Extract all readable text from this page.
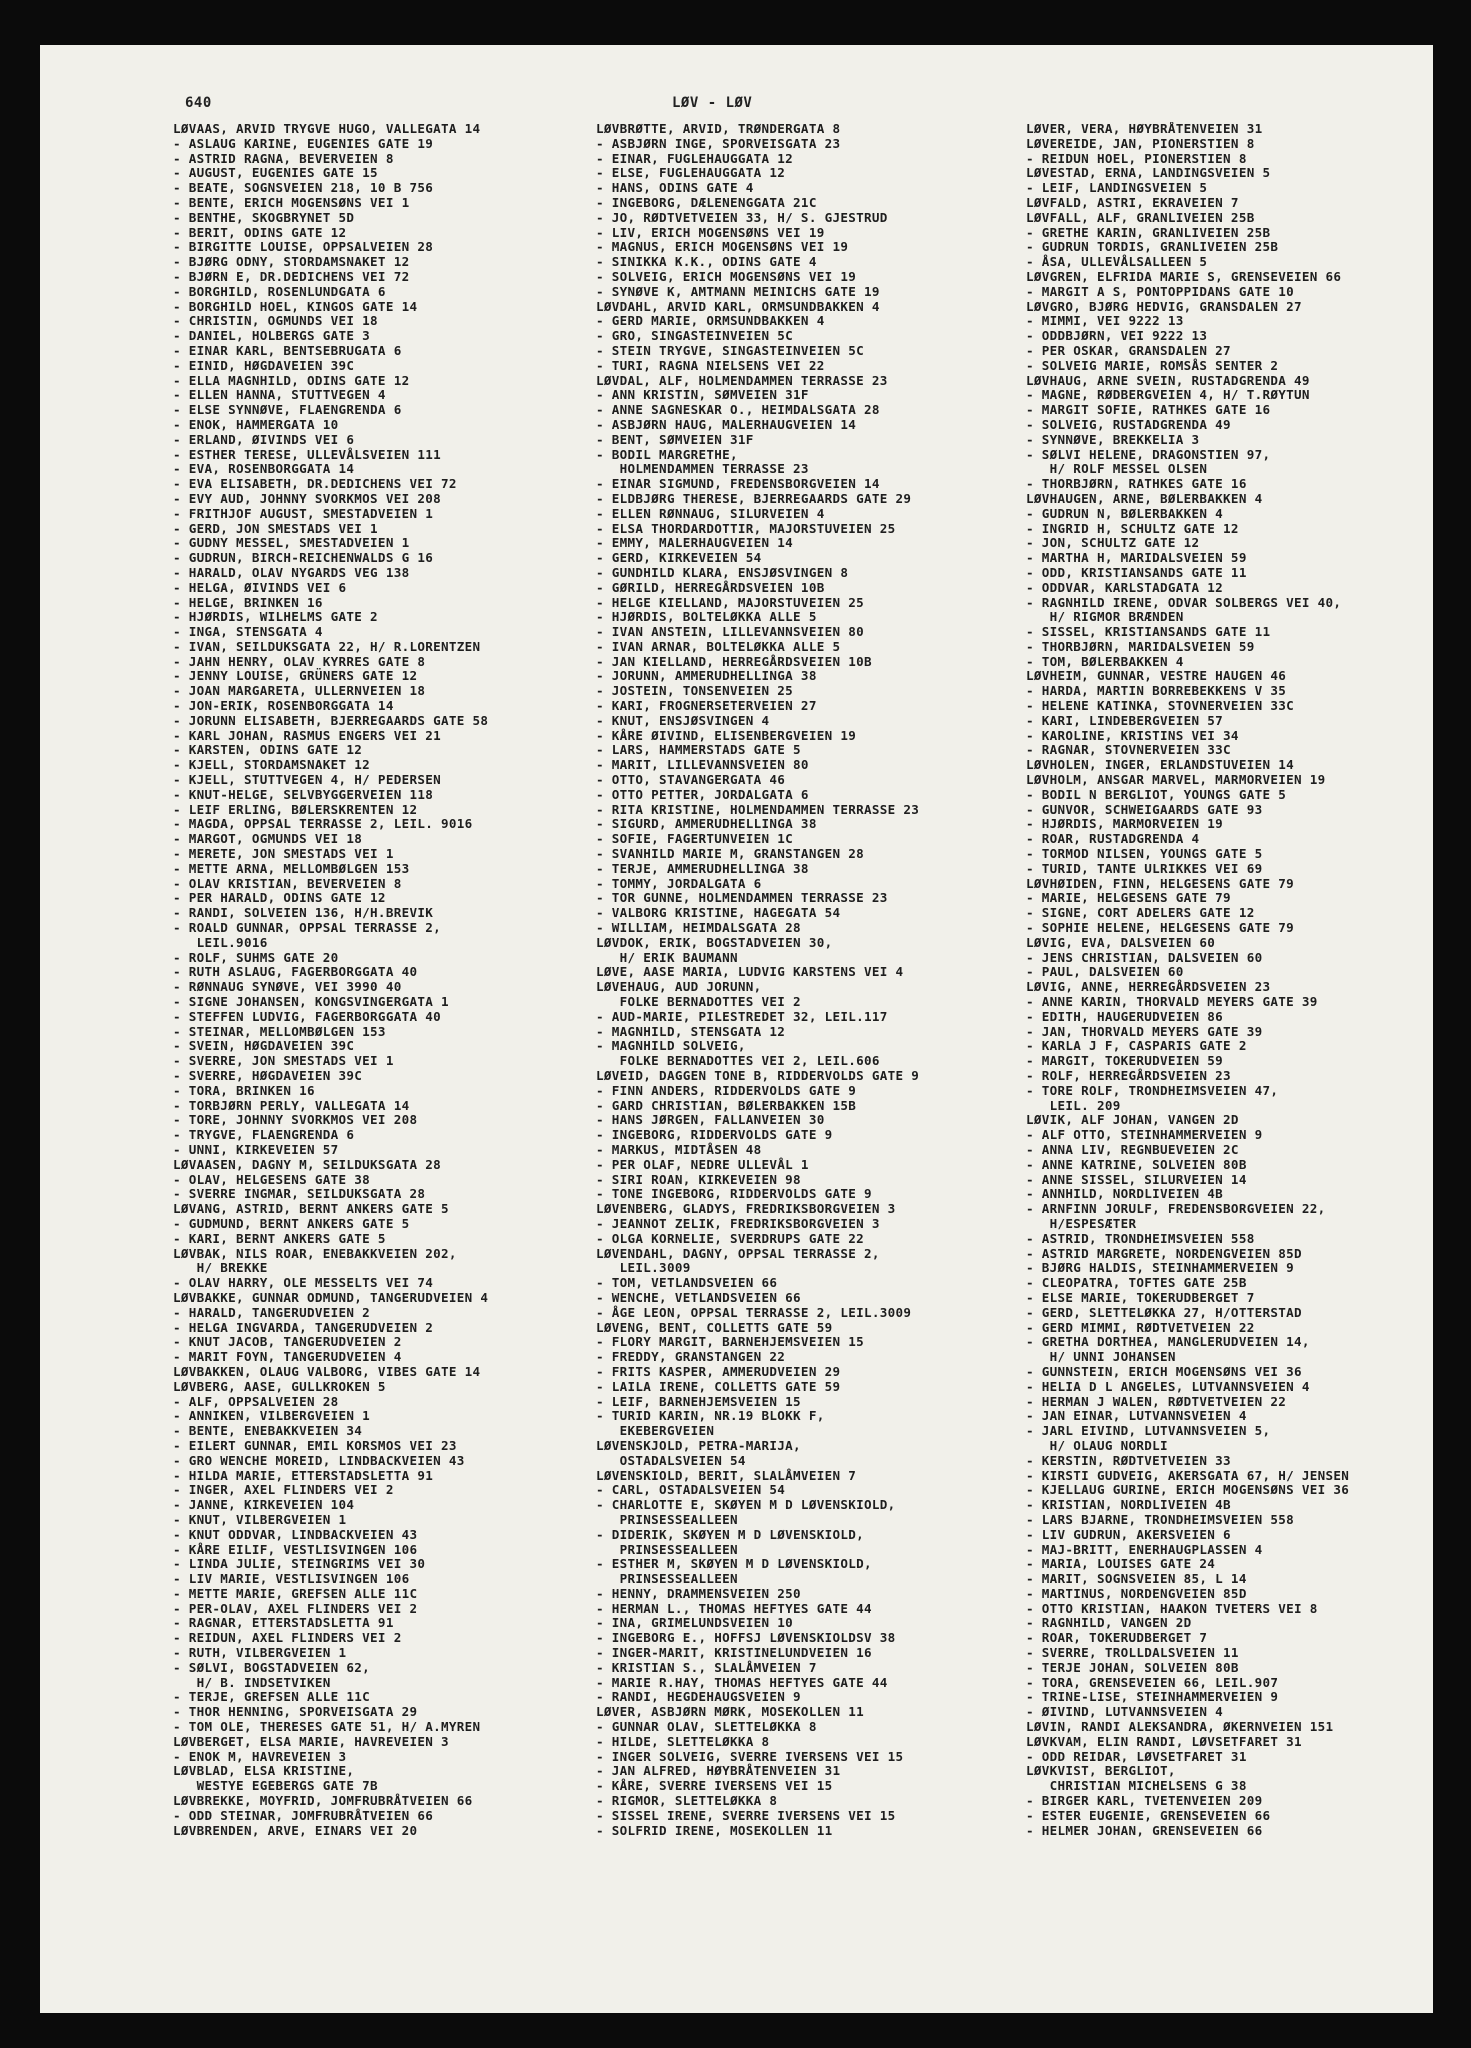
640	LØV - LØV
LØVAAS, ARVID TRYGVE HUGO, VALLEGATA 14
- ASLAUG KARINE, EUGENIES GATE 19
- ASTRID RAGNA, BEVERVEIEN 8
- AUGUST, EUGENIES GATE 15
- BEATE, SOGNSVEIEN 218, 10 B 756
- BENTE, ERICH MOGENSØNS VEI 1
- BENTHE, SKOGBRYNET 5D
- BERIT, ODINS GATE 12
- BIRGITTE LOUISE, OPPSALVEIEN 28
- BJØRG ODNY, STORDAMSNAKET 12
- BJØRN E, DR.DEDICHENS VEI 72
- BORGHILD, ROSENLUNDGATA 6
- BORGHILD HOEL, KINGOS GATE 14
- CHRISTIN, OGMUNDS VEI 18
- DANIEL, HOLBERGS GATE 3
- EINAR KARL, BENTSEBRUGATA 6
- EINID, HØGDAVEIEN 39C
- ELLA MAGNHILD, ODINS GATE 12
- ELLEN HANNA, STUTTVEGEN 4
- ELSE SYNNØVE, FLAENGRENDA 6
- ENOK, HAMMERGATA 10
- ERLAND, ØIVINDS VEI 6
- ESTHER TERESE, ULLEVÅLSVEIEN 111
- EVA, ROSENBORGGATA 14
- EVA ELISABETH, DR.DEDICHENS VEI 72
- EVY AUD, JOHNNY SVORKMOS VEI 208
- FRITHJOF AUGUST, SMESTADVEIEN 1
- GERD, JON SMESTADS VEI 1
- GUDNY MESSEL, SMESTADVEIEN 1
- GUDRUN, BIRCH-REICHENWALDS G 16
- HARALD, OLAV NYGARDS VEG 138
- HELGA, ØIVINDS VEI 6
- HELGE, BRINKEN 16
- HJØRDIS, WILHELMS GATE 2
- INGA, STENSGATA 4
- IVAN, SEILDUKSGATA 22, H/ R.LORENTZEN
- JAHN HENRY, OLAV KYRRES GATE 8
- JENNY LOUISE, GRÜNERS GATE 12
- JOAN MARGARETA, ULLERNVEIEN 18
- JON-ERIK, ROSENBORGGATA 14
- JORUNN ELISABETH, BJERREGAARDS GATE 58
- KARL JOHAN, RASMUS ENGERS VEI 21
- KARSTEN, ODINS GATE 12
- KJELL, STORDAMSNAKET 12
- KJELL, STUTTVEGEN 4, H/ PEDERSEN
- KNUT-HELGE, SELVBYGGERVEIEN 118
- LEIF ERLING, BØLERSKRENTEN 12
- MAGDA, OPPSAL TERRASSE 2, LEIL. 9016
- MARGOT, OGMUNDS VEI 18
- MERETE, JON SMESTADS VEI 1
- METTE ARNA, MELLOMBØLGEN 153
- OLAV KRISTIAN, BEVERVEIEN 8
- PER HARALD, ODINS GATE 12
- RANDI, SOLVEIEN 136, H/H.BREVIK
- ROALD GUNNAR, OPPSAL TERRASSE 2,
LEIL.9016
- ROLF, SUHMS GATE 20
- RUTH ASLAUG, FAGERBORGGATA 40
- RØNNAUG SYNØVE, VEI 3990 40
- SIGNE JOHANSEN, KONGSVINGERGATA 1
- STEFFEN LUDVIG, FAGERBORGGATA 40
- STEINAR, MELLOMBØLGEN 153
- SVEIN, HØGDAVEIEN 39C
- SVERRE, JON SMESTADS VEI 1
- SVERRE, HØGDAVEIEN 39C
- TORA, BRINKEN 16
- TORBJØRN PERLY, VALLEGATA 14
- TORE, JOHNNY SVORKMOS VEI 208
- TRYGVE, FLAENGRENDA 6
- UNNI, KIRKEVEIEN 57
LØVAASEN, DAGNY M, SEILDUKSGATA 28
- OLAV, HELGESENS GATE 38
- SVERRE INGMAR, SEILDUKSGATA 28
LØVANG, ASTRID, BERNT ANKERS GATE 5
- GUDMUND, BERNT ANKERS GATE 5
- KARI, BERNT ANKERS GATE 5
LØVBAK, NILS ROAR, ENEBAKKVEIEN 202,
H/ BREKKE
- OLAV HARRY, OLE MESSELTS VEI 74
LØVBAKKE, GUNNAR ODMUND, TANGERUDVEIEN 4
- HARALD, TANGERUDVEIEN 2
- HELGA INGVARDA, TANGERUDVEIEN 2
- KNUT JACOB, TANGERUDVEIEN 2
- MARIT FOYN, TANGERUDVEIEN 4
LØVBAKKEN, OLAUG VALBORG, VIBES GATE 14
LØVBERG, AASE, GULLKROKEN 5
- ALF, OPPSALVEIEN 28
- ANNIKEN, VILBERGVEIEN 1
- BENTE, ENEBAKKVEIEN 34
- EILERT GUNNAR, EMIL KORSMOS VEI 23
- GRO WENCHE MOREID, LINDBACKVEIEN 43
- HILDA MARIE, ETTERSTADSLETTA 91
- INGER, AXEL FLINDERS VEI 2
- JANNE, KIRKEVEIEN 104
- KNUT, VILBERGVEIEN 1
- KNUT ODDVAR, LINDBACKVEIEN 43
- KÅRE EILIF, VESTLISVINGEN 106
- LINDA JULIE, STEINGRIMS VEI 30
- LIV MARIE, VESTLISVINGEN 106
- METTE MARIE, GREFSEN ALLE 11C
- PER-OLAV, AXEL FLINDERS VEI 2
- RAGNAR, ETTERSTADSLETTA 91
- REIDUN, AXEL FLINDERS VEI 2
- RUTH, VILBERGVEIEN 1
- SØLVI, BOGSTADVEIEN 62,
H/ B. INDSETVIKEN
- TERJE, GREFSEN ALLE 11C
- THOR HENNING, SPORVEISGATA 29
- TOM OLE, THERESES GATE 51, H/ A.MYREN
LØVBERGET, ELSA MARIE, HAVREVEIEN 3
- ENOK M, HAVREVEIEN 3
LØVBLAD, ELSA KRISTINE,
WESTYE EGEBERGS GATE 7B
LØVBREKKE, MOYFRID, JOMFRUBRÅTVEIEN 66
- ODD STEINAR, JOMFRUBRÅTVEIEN 66
LØVBRENDEN, ARVE, EINARS VEI 20
LØVBRØTTE, ARVID, TRØNDERGATA 8
- ASBJØRN INGE, SPORVEISGATA 23
- EINAR, FUGLEHAUGGATA 12
- ELSE, FUGLEHAUGGATA 12
- HANS, ODINS GATE 4
- INGEBORG, DÆLENENGGATA 21C
- JO, RØDTVETVEIEN 33, H/ S. GJESTRUD
- LIV, ERICH MOGENSØNS VEI 19
- MAGNUS, ERICH MOGENSØNS VEI 19
- SINIKKA K.K., ODINS GATE 4
- SOLVEIG, ERICH MOGENSØNS VEI 19
- SYNØVE K, AMTMANN MEINICHS GATE 19
LØVDAHL, ARVID KARL, ORMSUNDBAKKEN 4
- GERD MARIE, ORMSUNDBAKKEN 4
- GRO, SINGASTEINVEIEN 5C
- STEIN TRYGVE, SINGASTEINVEIEN 5C
- TURI, RAGNA NIELSENS VEI 22
LØVDAL, ALF, HOLMENDAMMEN TERRASSE 23
- ANN KRISTIN, SØMVEIEN 31F
- ANNE SAGNESKAR O., HEIMDALSGATA 28
- ASBJØRN HAUG, MALERHAUGVEIEN 14
- BENT, SØMVEIEN 31F
- BODIL MARGRETHE,
HOLMENDAMMEN TERRASSE 23
- EINAR SIGMUND, FREDENSBORGVEIEN 14
- ELDBJØRG THERESE, BJERREGAARDS GATE 29
- ELLEN RØNNAUG, SILURVEIEN 4
- ELSA THORDARDOTTIR, MAJORSTUVEIEN 25
- EMMY, MALERHAUGVEIEN 14
- GERD, KIRKEVEIEN 54
- GUNDHILD KLARA, ENSJØSVINGEN 8
- GØRILD, HERREGÅRDSVEIEN 10B
- HELGE KIELLAND, MAJORSTUVEIEN 25
- HJØRDIS, BOLTELØKKA ALLE 5
- IVAN ANSTEIN, LILLEVANNSVEIEN 80
- IVAN ARNAR, BOLTELØKKA ALLE 5
- JAN KIELLAND, HERREGÅRDSVEIEN 10B
- JORUNN, AMMERUDHELLINGA 38
- JOSTEIN, TONSENVEIEN 25
- KARI, FROGNERSETERVEIEN 27
- KNUT, ENSJØSVINGEN 4
- KÅRE ØIVIND, ELISENBERGVEIEN 19
- LARS, HAMMERSTADS GATE 5
- MARIT, LILLEVANNSVEIEN 80
- OTTO, STAVANGERGATA 46
- OTTO PETTER, JORDALGATA 6
- RITA KRISTINE, HOLMENDAMMEN TERRASSE 23
- SIGURD, AMMERUDHELLINGA 38
- SOFIE, FAGERTUNVEIEN 1C
- SVANHILD MARIE M, GRANSTANGEN 28
- TERJE, AMMERUDHELLINGA 38
- TOMMY, JORDALGATA 6
- TOR GUNNE, HOLMENDAMMEN TERRASSE 23
- VALBORG KRISTINE, HAGEGATA 54
- WILLIAM, HEIMDALSGATA 28
LØVDOK, ERIK, BOGSTADVEIEN 30,
H/ ERIK BAUMANN
LØVE, AASE MARIA, LUDVIG KARSTENS VEI 4
LØVEHAUG, AUD JORUNN,
FOLKE BERNADOTTES VEI 2
- AUD-MARIE, PILESTREDET 32, LEIL.117
- MAGNHILD, STENSGATA 12
- MAGNHILD SOLVEIG,
FOLKE BERNADOTTES VEI 2, LEIL.606
LØVEID, DAGGEN TONE B, RIDDERVOLDS GATE 9
- FINN ANDERS, RIDDERVOLDS GATE 9
- GARD CHRISTIAN, BØLERBAKKEN 15B
- HANS JØRGEN, FALLANVEIEN 30
- INGEBORG, RIDDERVOLDS GATE 9
- MARKUS, MIDTÅSEN 48
- PER OLAF, NEDRE ULLEVÅL 1
- SIRI ROAN, KIRKEVEIEN 98
- TONE INGEBORG, RIDDERVOLDS GATE 9
LØVENBERG, GLADYS, FREDRIKSBORGVEIEN 3
- JEANNOT ZELIK, FREDRIKSBORGVEIEN 3
- OLGA KORNELIE, SVERDRUPS GATE 22
LØVENDAHL, DAGNY, OPPSAL TERRASSE 2,
LEIL.3009
- TOM, VETLANDSVEIEN 66
- WENCHE, VETLANDSVEIEN 66
- ÅGE LEON, OPPSAL TERRASSE 2, LEIL.3009
LØVENG, BENT, COLLETTS GATE 59
- FLORY MARGIT, BARNEHJEMSVEIEN 15
- FREDDY, GRANSTANGEN 22
- FRITS KASPER, AMMERUDVEIEN 29
- LAILA IRENE, COLLETTS GATE 59
- LEIF, BARNEHJEMSVEIEN 15
- TURID KARIN, NR.19 BLOKK F,
EKEBERGVEIEN
LØVENSKJOLD, PETRA-MARIJA,
OSTADALSVEIEN 54
LØVENSKIOLD, BERIT, SLALÅMVEIEN 7
- CARL, OSTADALSVEIEN 54
- CHARLOTTE E, SKØYEN M D LØVENSKIOLD,
PRINSESSEALLEEN
- DIDERIK, SKØYEN M D LØVENSKIOLD,
PRINSESSEALLEEN
- ESTHER M, SKØYEN M D LØVENSKIOLD,
PRINSESSEALLEEN
- HENNY, DRAMMENSVEIEN 250
- HERMAN L., THOMAS HEFTYES GATE 44
- INA, GRIMELUNDSVEIEN 10
- INGEBORG E., HOFFSJ LØVENSKIOLDSV 38
- INGER-MARIT, KRISTINELUNDVEIEN 16
- KRISTIAN S., SLALÅMVEIEN 7
- MARIE R.HAY, THOMAS HEFTYES GATE 44
- RANDI, HEGDEHAUGSVEIEN 9
LØVER, ASBJØRN MØRK, MOSEKOLLEN 11
- GUNNAR OLAV, SLETTELØKKA 8
- HILDE, SLETTELØKKA 8
- INGER SOLVEIG, SVERRE IVERSENS VEI 15
- JAN ALFRED, HØYBRÅTENVEIEN 31
- KÅRE, SVERRE IVERSENS VEI 15
- RIGMOR, SLETTELØKKA 8
- SISSEL IRENE, SVERRE IVERSENS VEI 15
- SOLFRID IRENE, MOSEKOLLEN 11
LØVER, VERA, HØYBRÅTENVEIEN 31
LØVEREIDE, JAN, PIONERSTIEN 8
- REIDUN HOEL, PIONERSTIEN 8
LØVESTAD, ERNA, LANDINGSVEIEN 5
- LEIF, LANDINGSVEIEN 5
LØVFALD, ASTRI, EKRAVEIEN 7
LØVFALL, ALF, GRANLIVEIEN 25B
- GRETHE KARIN, GRANLIVEIEN 25B
- GUDRUN TORDIS, GRANLIVEIEN 25B
- ÅSA, ULLEVÅLSALLEEN 5
LØVGREN, ELFRIDA MARIE S, GRENSEVEIEN 66
- MARGIT A S, PONTOPPIDANS GATE 10
LØVGRO, BJØRG HEDVIG, GRANSDALEN 27
- MIMMI, VEI 9222 13
- ODDBJØRN, VEI 9222 13
- PER OSKAR, GRANSDALEN 27
- SOLVEIG MARIE, ROMSÅS SENTER 2
LØVHAUG, ARNE SVEIN, RUSTADGRENDA 49
- MAGNE, RØDBERGVEIEN 4, H/ T.RØYTUN
- MARGIT SOFIE, RATHKES GATE 16
- SOLVEIG, RUSTADGRENDA 49
- SYNNØVE, BREKKELIA 3
- SØLVI HELENE, DRAGONSTIEN 97,
H/ ROLF MESSEL OLSEN
- THORBJØRN, RATHKES GATE 16
LØVHAUGEN, ARNE, BØLERBAKKEN 4
- GUDRUN N, BØLERBAKKEN 4
- INGRID H, SCHULTZ GATE 12
- JON, SCHULTZ GATE 12
- MARTHA H, MARIDALSVEIEN 59
- ODD, KRISTIANSANDS GATE 11
- ODDVAR, KARLSTADGATA 12
- RAGNHILD IRENE, ODVAR SOLBERGS VEI 40,
H/ RIGMOR BRÆNDEN
- SISSEL, KRISTIANSANDS GATE 11
- THORBJØRN, MARIDALSVEIEN 59
- TOM, BØLERBAKKEN 4
LØVHEIM, GUNNAR, VESTRE HAUGEN 46
- HARDA, MARTIN BORREBEKKENS V 35
- HELENE KATINKA, STOVNERVEIEN 33C
- KARI, LINDEBERGVEIEN 57
- KAROLINE, KRISTINS VEI 34
- RAGNAR, STOVNERVEIEN 33C
LØVHOLEN, INGER, ERLANDSTUVEIEN 14
LØVHOLM, ANSGAR MARVEL, MARMORVEIEN 19
- BODIL N BERGLIOT, YOUNGS GATE 5
- GUNVOR, SCHWEIGAARDS GATE 93
- HJØRDIS, MARMORVEIEN 19
- ROAR, RUSTADGRENDA 4
- TORMOD NILSEN, YOUNGS GATE 5
- TURID, TANTE ULRIKKES VEI 69
LØVHØIDEN, FINN, HELGESENS GATE 79
- MARIE, HELGESENS GATE 79
- SIGNE, CORT ADELERS GATE 12
- SOPHIE HELENE, HELGESENS GATE 79
LØVIG, EVA, DALSVEIEN 60
- JENS CHRISTIAN, DALSVEIEN 60
- PAUL, DALSVEIEN 60
LØVIG, ANNE, HERREGÅRDSVEIEN 23
- ANNE KARIN, THORVALD MEYERS GATE 39
- EDITH, HAUGERUDVEIEN 86
- JAN, THORVALD MEYERS GATE 39
- KARLA J F, CASPARIS GATE 2
- MARGIT, TOKERUDVEIEN 59
- ROLF, HERREGÅRDSVEIEN 23
- TORE ROLF, TRONDHEIMSVEIEN 47,
LEIL. 209
LØVIK, ALF JOHAN, VANGEN 2D
- ALF OTTO, STEINHAMMERVEIEN 9
- ANNA LIV, REGNBUEVEIEN 2C
- ANNE KATRINE, SOLVEIEN 80B
- ANNE SISSEL, SILURVEIEN 14
- ANNHILD, NORDLIVEIEN 4B
- ARNFINN JORULF, FREDENSBORGVEIEN 22,
H/ESPESÆTER
- ASTRID, TRONDHEIMSVEIEN 558
- ASTRID MARGRETE, NORDENGVEIEN 85D
- BJØRG HALDIS, STEINHAMMERVEIEN 9
- CLEOPATRA, TOFTES GATE 25B
- ELSE MARIE, TOKERUDBERGET 7
- GERD, SLETTELØKKA 27, H/OTTERSTAD
- GERD MIMMI, RØDTVETVEIEN 22
- GRETHA DORTHEA, MANGLERUDVEIEN 14,
H/ UNNI JOHANSEN
- GUNNSTEIN, ERICH MOGENSØNS VEI 36
- HELIA D L ANGELES, LUTVANNSVEIEN 4
- HERMAN J WALEN, RØDTVETVEIEN 22
- JAN EINAR, LUTVANNSVEIEN 4
- JARL EIVIND, LUTVANNSVEIEN 5,
H/ OLAUG NORDLI
- KERSTIN, RØDTVETVEIEN 33
- KIRSTI GUDVEIG, AKERSGATA 67, H/ JENSEN
- KJELLAUG GURINE, ERICH MOGENSØNS VEI 36
- KRISTIAN, NORDLIVEIEN 4B
- LARS BJARNE, TRONDHEIMSVEIEN 558
- LIV GUDRUN, AKERSVEIEN 6
- MAJ-BRITT, ENERHAUGPLASSEN 4
- MARIA, LOUISES GATE 24
- MARIT, SOGNSVEIEN 85, L 14
- MARTINUS, NORDENGVEIEN 85D
- OTTO KRISTIAN, HAAKON TVETERS VEI 8
- RAGNHILD, VANGEN 2D
- ROAR, TOKERUDBERGET 7
- SVERRE, TROLLDALSVEIEN 11
- TERJE JOHAN, SOLVEIEN 80B
- TORA, GRENSEVEIEN 66, LEIL.907
- TRINE-LISE, STEINHAMMERVEIEN 9
- ØIVIND, LUTVANNSVEIEN 4
LØVIN, RANDI ALEKSANDRA, ØKERNVEIEN 151
LØVKVAM, ELIN RANDI, LØVSETFARET 31
- ODD REIDAR, LØVSETFARET 31
LØVKVIST, BERGLIOT,
CHRISTIAN MICHELSENS G 38
- BIRGER KARL, TVETENVEIEN 209
- ESTER EUGENIE, GRENSEVEIEN 66
- HELMER JOHAN, GRENSEVEIEN 66
